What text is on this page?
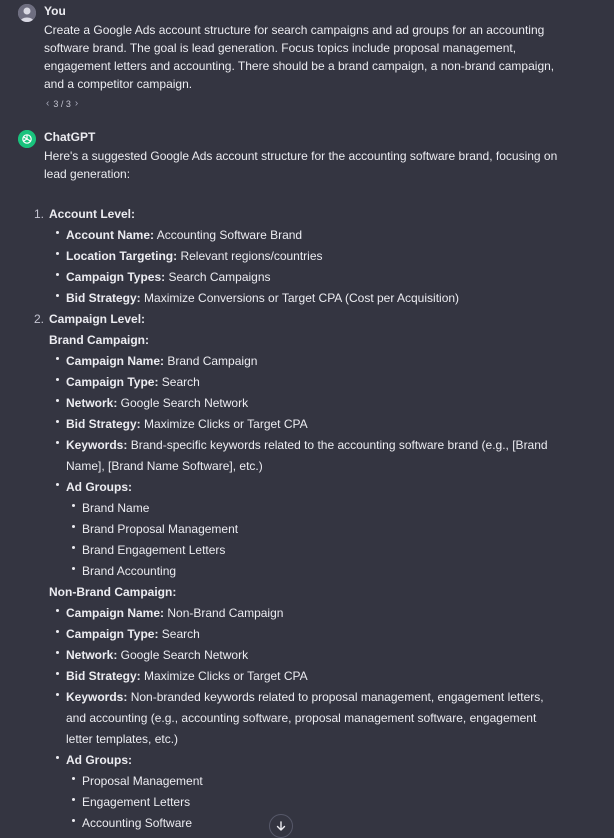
You
Create a Google Ads account structure for search campaigns and ad groups for an accounting software brand. The goal is lead generation. Focus topics include proposal management, engagement letters and accounting. There should be a brand campaign, a non-brand campaign, and a competitor campaign.
‹ 3 / 3 ›
ChatGPT
Here's a suggested Google Ads account structure for the accounting software brand, focusing on lead generation:
1. Account Level:
Account Name: Accounting Software Brand
Location Targeting: Relevant regions/countries
Campaign Types: Search Campaigns
Bid Strategy: Maximize Conversions or Target CPA (Cost per Acquisition)
2. Campaign Level:
Brand Campaign:
Campaign Name: Brand Campaign
Campaign Type: Search
Network: Google Search Network
Bid Strategy: Maximize Clicks or Target CPA
Keywords: Brand-specific keywords related to the accounting software brand (e.g., [Brand Name], [Brand Name Software], etc.)
Ad Groups:
Brand Name
Brand Proposal Management
Brand Engagement Letters
Brand Accounting
Non-Brand Campaign:
Campaign Name: Non-Brand Campaign
Campaign Type: Search
Network: Google Search Network
Bid Strategy: Maximize Clicks or Target CPA
Keywords: Non-branded keywords related to proposal management, engagement letters, and accounting (e.g., accounting software, proposal management software, engagement letter templates, etc.)
Ad Groups:
Proposal Management
Engagement Letters
Accounting Software
